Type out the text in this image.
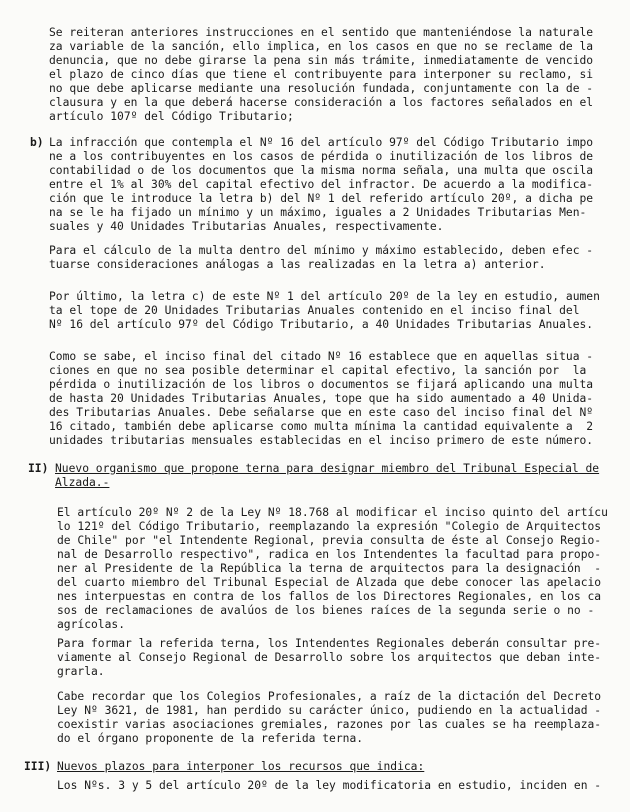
Se reiteran anteriores instrucciones en el sentido que manteniéndose la naturale
za variable de la sanción, ello implica, en los casos en que no se reclame de la
denuncia, que no debe girarse la pena sin más trámite, inmediatamente de vencido
el plazo de cinco días que tiene el contribuyente para interponer su reclamo, si
no que debe aplicarse mediante una resolución fundada, conjuntamente con la de -
clausura y en la que deberá hacerse consideración a los factores señalados en el
artículo 107º del Código Tributario;
b) La infracción que contempla el Nº 16 del artículo 97º del Código Tributario impo
ne a los contribuyentes en los casos de pérdida o inutilización de los libros de
contabilidad o de los documentos que la misma norma señala, una multa que oscila
entre el 1% al 30% del capital efectivo del infractor. De acuerdo a la modifica-
ción que le introduce la letra b) del Nº 1 del referido artículo 20º, a dicha pe
na se le ha fijado un mínimo y un máximo, iguales a 2 Unidades Tributarias Men-
suales y 40 Unidades Tributarias Anuales, respectivamente.
Para el cálculo de la multa dentro del mínimo y máximo establecido, deben efec -
tuarse consideraciones análogas a las realizadas en la letra a) anterior.
Por último, la letra c) de este Nº 1 del artículo 20º de la ley en estudio, aumen
ta el tope de 20 Unidades Tributarias Anuales contenido en el inciso final del
Nº 16 del artículo 97º del Código Tributario, a 40 Unidades Tributarias Anuales.
Como se sabe, el inciso final del citado Nº 16 establece que en aquellas situa -
ciones en que no sea posible determinar el capital efectivo, la sanción por  la
pérdida o inutilización de los libros o documentos se fijará aplicando una multa
de hasta 20 Unidades Tributarias Anuales, tope que ha sido aumentado a 40 Unida-
des Tributarias Anuales. Debe señalarse que en este caso del inciso final del Nº
16 citado, también debe aplicarse como multa mínima la cantidad equivalente a  2
unidades tributarias mensuales establecidas en el inciso primero de este número.
II) Nuevo organismo que propone terna para designar miembro del Tribunal Especial de
Alzada.-
El artículo 20º Nº 2 de la Ley Nº 18.768 al modificar el inciso quinto del artícu
lo 121º del Código Tributario, reemplazando la expresión "Colegio de Arquitectos
de Chile" por "el Intendente Regional, previa consulta de éste al Consejo Regio-
nal de Desarrollo respectivo", radica en los Intendentes la facultad para propo-
ner al Presidente de la República la terna de arquitectos para la designación  -
del cuarto miembro del Tribunal Especial de Alzada que debe conocer las apelacio
nes interpuestas en contra de los fallos de los Directores Regionales, en los ca
sos de reclamaciones de avalúos de los bienes raíces de la segunda serie o no -
agrícolas.
Para formar la referida terna, los Intendentes Regionales deberán consultar pre-
viamente al Consejo Regional de Desarrollo sobre los arquitectos que deban inte-
grarla.
Cabe recordar que los Colegios Profesionales, a raíz de la dictación del Decreto
Ley Nº 3621, de 1981, han perdido su carácter único, pudiendo en la actualidad -
coexistir varias asociaciones gremiales, razones por las cuales se ha reemplaza-
do el órgano proponente de la referida terna.
III) Nuevos plazos para interponer los recursos que indica:
Los Nºs. 3 y 5 del artículo 20º de la ley modificatoria en estudio, inciden en -
